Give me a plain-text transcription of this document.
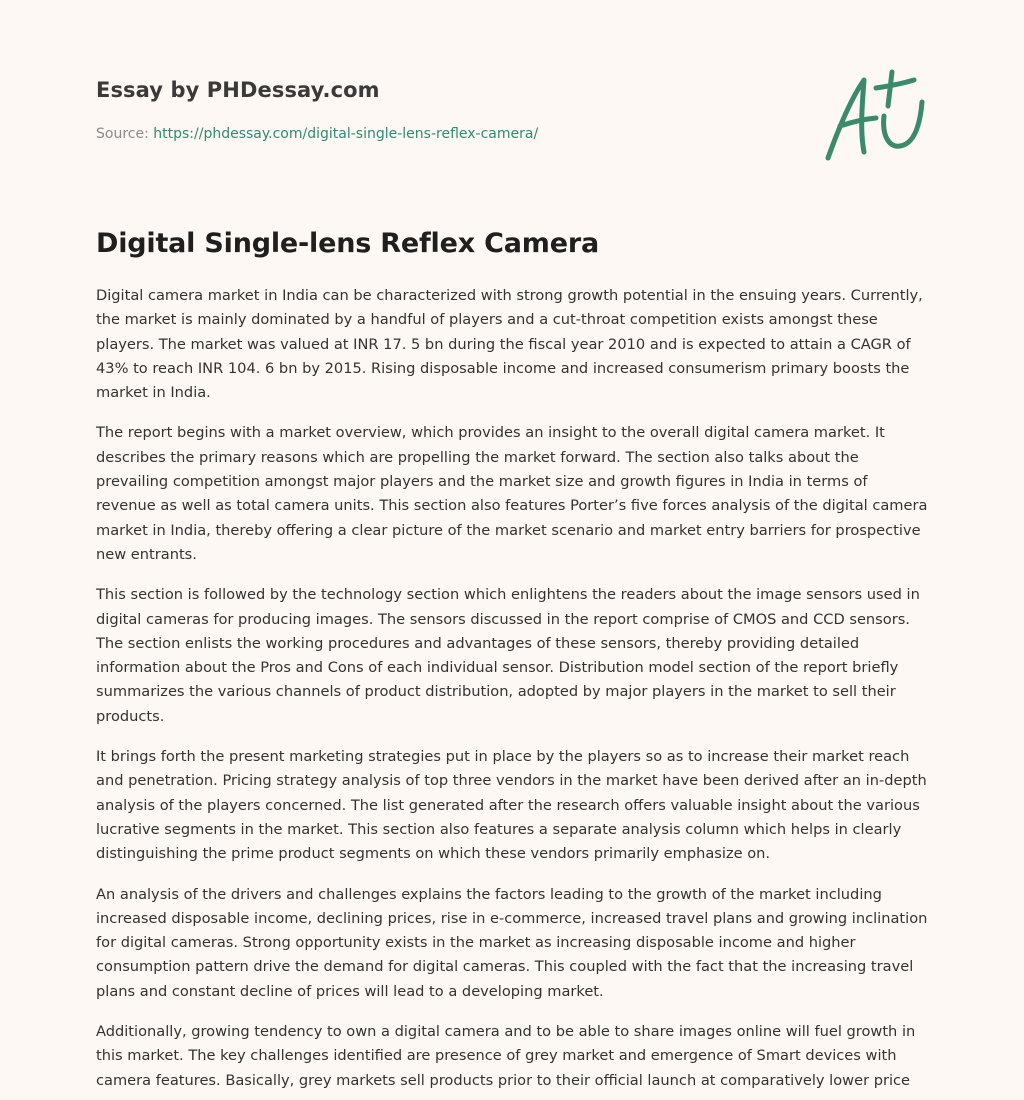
Essay by PHDessay.com
Source: https://phdessay.com/digital-single-lens-reflex-camera/
Digital Single-lens Reflex Camera

Digital camera market in India can be characterized with strong growth potential in the ensuing years. Currently, the market is mainly dominated by a handful of players and a cut-throat competition exists amongst these players. The market was valued at INR 17. 5 bn during the fiscal year 2010 and is expected to attain a CAGR of 43% to reach INR 104. 6 bn by 2015. Rising disposable income and increased consumerism primary boosts the market in India.

The report begins with a market overview, which provides an insight to the overall digital camera market. It describes the primary reasons which are propelling the market forward. The section also talks about the prevailing competition amongst major players and the market size and growth figures in India in terms of revenue as well as total camera units. This section also features Porter’s five forces analysis of the digital camera market in India, thereby offering a clear picture of the market scenario and market entry barriers for prospective new entrants.

This section is followed by the technology section which enlightens the readers about the image sensors used in digital cameras for producing images. The sensors discussed in the report comprise of CMOS and CCD sensors. The section enlists the working procedures and advantages of these sensors, thereby providing detailed information about the Pros and Cons of each individual sensor. Distribution model section of the report briefly summarizes the various channels of product distribution, adopted by major players in the market to sell their products.

It brings forth the present marketing strategies put in place by the players so as to increase their market reach and penetration. Pricing strategy analysis of top three vendors in the market have been derived after an in-depth analysis of the players concerned. The list generated after the research offers valuable insight about the various lucrative segments in the market. This section also features a separate analysis column which helps in clearly distinguishing the prime product segments on which these vendors primarily emphasize on.

An analysis of the drivers and challenges explains the factors leading to the growth of the market including increased disposable income, declining prices, rise in e-commerce, increased travel plans and growing inclination for digital cameras. Strong opportunity exists in the market as increasing disposable income and higher consumption pattern drive the demand for digital cameras. This coupled with the fact that the increasing travel plans and constant decline of prices will lead to a developing market.

Additionally, growing tendency to own a digital camera and to be able to share images online will fuel growth in this market. The key challenges identified are presence of grey market and emergence of Smart devices with camera features. Basically, grey markets sell products prior to their official launch at comparatively lower price
